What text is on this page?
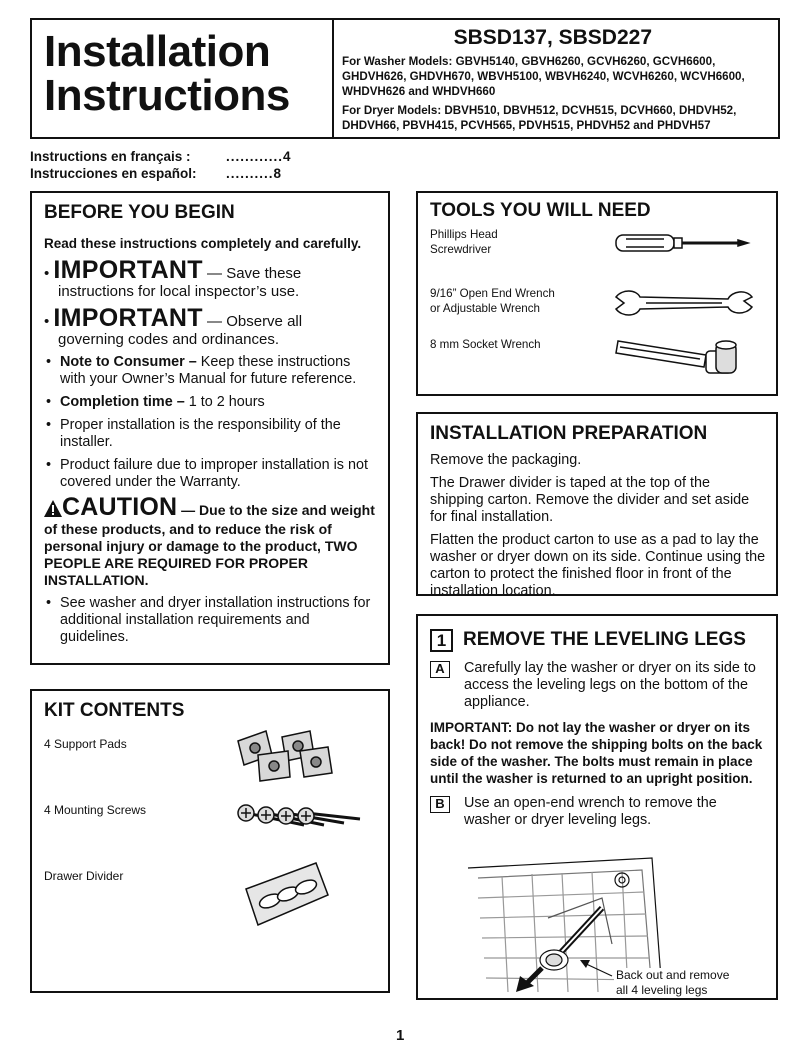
Installation
Instructions
SBSD137, SBSD227
For Washer Models: GBVH5140, GBVH6260, GCVH6260, GCVH6600, GHDVH626, GHDVH670, WBVH5100, WBVH6240, WCVH6260, WCVH6600, WHDVH626 and WHDVH660
For Dryer Models: DBVH510, DBVH512, DCVH515, DCVH660, DHDVH52, DHDVH66, PBVH415, PCVH565, PDVH515, PHDVH52 and PHDVH57
Instructions en français :	............ 4
Instrucciones en español:	.......... 8
BEFORE YOU BEGIN
Read these instructions completely and carefully.
• IMPORTANT — Save these
instructions for local inspector’s use.
• IMPORTANT — Observe all
governing codes and ordinances.
• Note to Consumer – Keep these instructions with your Owner’s Manual for future reference.
• Completion time – 1 to 2 hours
• Proper installation is the responsibility of the installer.
• Product failure due to improper installation is not covered under the Warranty.
CAUTION — Due to the size and weight of these products, and to reduce the risk of personal injury or damage to the product, TWO PEOPLE ARE REQUIRED FOR PROPER INSTALLATION.
• See washer and dryer installation instructions for additional installation requirements and guidelines.
KIT CONTENTS
4 Support Pads
4 Mounting Screws
Drawer Divider
TOOLS YOU WILL NEED
Phillips Head Screwdriver
9/16” Open End Wrench
or Adjustable Wrench
8 mm Socket Wrench
INSTALLATION PREPARATION
Remove the packaging.
The Drawer divider is taped at the top of the shipping carton. Remove the divider and set aside for final installation.
Flatten the product carton to use as a pad to lay the washer or dryer down on its side. Continue using the carton to protect the finished floor in front of the installation location.
1 REMOVE THE LEVELING LEGS
A	Carefully lay the washer or dryer on its side to access the leveling legs on the bottom of the appliance.
IMPORTANT: Do not lay the washer or dryer on its back! Do not remove the shipping bolts on the back side of the washer. The bolts must remain in place until the washer is returned to an upright position.
B	Use an open-end wrench to remove the washer or dryer leveling legs.
Back out and remove
all 4 leveling legs
1
